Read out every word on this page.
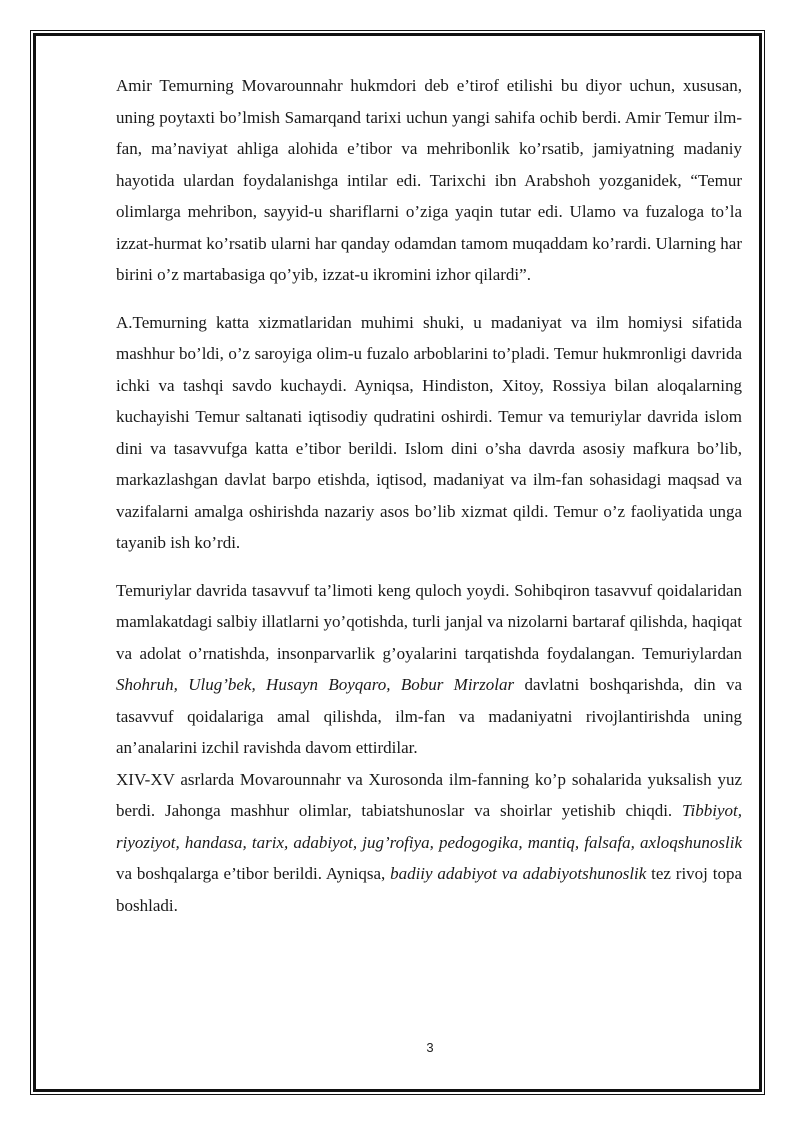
Amir Temurning Movarounnahr hukmdori deb e’tirof etilishi bu diyor uchun, xususan, uning poytaxti bo’lmish Samarqand tarixi uchun yangi sahifa ochib berdi. Amir Temur ilm-fan, ma’naviyat ahliga alohida e’tibor va mehribonlik ko’rsatib, jamiyatning madaniy hayotida ulardan foydalanishga intilar edi. Tarixchi ibn Arabshoh yozganidek, “Temur olimlarga mehribon, sayyid-u shariflarni o’ziga yaqin tutar edi. Ulamo va fuzaloga to’la izzat-hurmat ko’rsatib ularni har qanday odamdan tamom muqaddam ko’rardi. Ularning har birini o’z martabasiga qo’yib, izzat-u ikromini izhor qilardi”.

A.Temurning katta xizmatlaridan muhimi shuki, u madaniyat va ilm homiysi sifatida mashhur bo’ldi, o’z saroyiga olim-u fuzalo arboblarini to’pladi. Temur hukmronligi davrida ichki va tashqi savdo kuchaydi. Ayniqsa, Hindiston, Xitoy, Rossiya bilan aloqalarning kuchayishi Temur saltanati iqtisodiy qudratini oshirdi. Temur va temuriylar davrida islom dini va tasavvufga katta e’tibor berildi. Islom dini o’sha davrda asosiy mafkura bo’lib, markazlashgan davlat barpo etishda, iqtisod, madaniyat va ilm-fan sohasidagi maqsad va vazifalarni amalga oshirishda nazariy asos bo’lib xizmat qildi. Temur o’z faoliyatida unga tayanib ish ko’rdi.

Temuriylar davrida tasavvuf ta’limoti keng quloch yoydi. Sohibqiron tasavvuf qoidalaridan mamlakatdagi salbiy illatlarni yo’qotishda, turli janjal va nizolarni bartaraf qilishda, haqiqat va adolat o’rnatishda, insonparvarlik g’oyalarini tarqatishda foydalangan. Temuriylardan Shohruh, Ulug’bek, Husayn Boyqaro, Bobur Mirzolar davlatni boshqarishda, din va tasavvuf qoidalariga amal qilishda, ilm-fan va madaniyatni rivojlantirishda uning an’analarini izchil ravishda davom ettirdilar.

XIV-XV asrlarda Movarounnahr va Xurosonda ilm-fanning ko’p sohalarida yuksalish yuz berdi. Jahonga mashhur olimlar, tabiatshunoslar va shoirlar yetishib chiqdi. Tibbiyot, riyoziyot, handasa, tarix, adabiyot, jug’rofiya, pedogogika, mantiq, falsafa, axloqshunoslik va boshqalarga e’tibor berildi. Ayniqsa, badiiy adabiyot va adabiyotshunoslik tez rivoj topa boshladi.

3
